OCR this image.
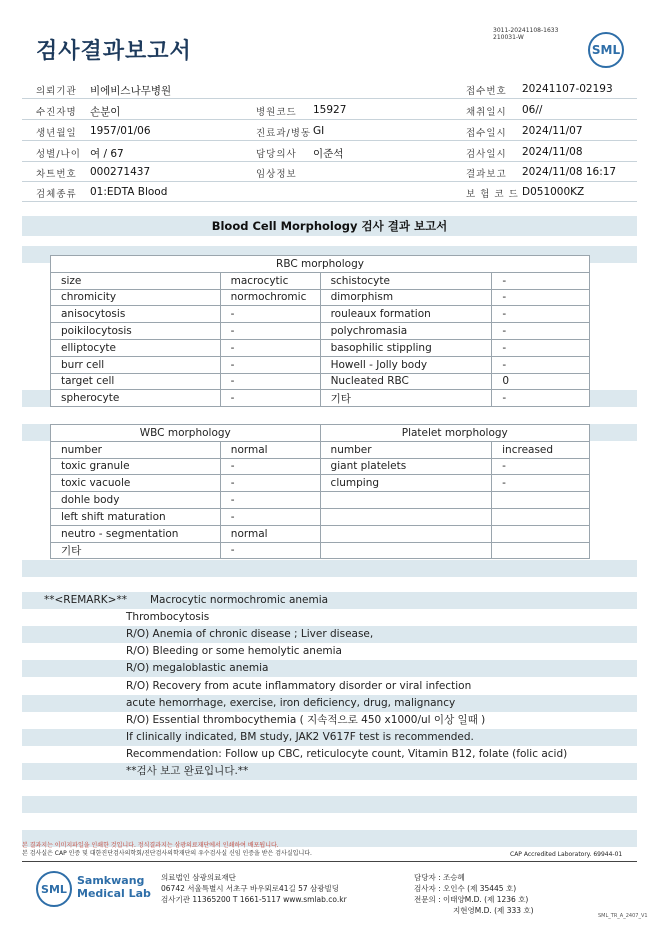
검사결과보고서
3011-20241108-1633
210031-W
SML
의뢰기관 비에비스나무병원	접수번호 20241107-02193
수진자명 손분이	병원코드 15927	채취일시 06//
생년월일 1957/01/06	진료과/병동 GI	접수일시 2024/11/07
성별/나이 여 / 67	담당의사 이준석	검사일시 2024/11/08
차트번호 000271437	임상정보	결과보고 2024/11/08 16:17
검체종류 01:EDTA Blood	보 험 코 드 D051000KZ
Blood Cell Morphology 검사 결과 보고서
RBC morphology			
size	macrocytic	schistocyte	-
chromicity	normochromic	dimorphism	-
anisocytosis	-	rouleaux formation	-
poikilocytosis	-	polychromasia	-
elliptocyte	-	basophilic stippling	-
burr cell	-	Howell - Jolly body	-
target cell	-	Nucleated RBC	0
spherocyte	-	기타	-
WBC morphology		Platelet morphology	
number	normal	number	increased
toxic granule	-	giant platelets	-
toxic vacuole	-	clumping	-
dohle body	-		
left shift maturation	-		
neutro - segmentation	normal		
기타	-		
**<REMARK>** Macrocytic normochromic anemia
Thrombocytosis
R/O) Anemia of chronic disease ; Liver disease,
R/O) Bleeding or some hemolytic anemia
R/O) megaloblastic anemia
R/O) Recovery from acute inflammatory disorder or viral infection
acute hemorrhage, exercise, iron deficiency, drug, malignancy
R/O) Essential thrombocythemia ( 지속적으로 450 x1000/ul 이상 일때 )
If clinically indicated, BM study, JAK2 V617F test is recommended.
Recommendation: Follow up CBC, reticulocyte count, Vitamin B12, folate (folic acid)
**검사 보고 완료입니다.**
본 결과지는 이미지파일을 인쇄한 것입니다. 정식결과지는 삼광의료재단에서 인쇄하여 배포됩니다.
본 검사실은 CAP 인증 및 대한진단검사의학회/진단검사의학재단의 우수검사실 신임 인증을 받은 검사실입니다.	CAP Accredited Laboratory. 69944-01
SML
Samkwang
Medical Lab
의료법인 삼광의료재단
06742 서울특별시 서초구 바우뫼로41길 57 삼광빌딩
검사기관 11365200 T 1661-5117 www.smlab.co.kr
담당자 : 조승혜
검사자 : 오인수 (제 35445 호)
전문의 : 이태양M.D. (제 1236 호)
지현영M.D. (제 333 호)
SML_TR_A_2407_V1
